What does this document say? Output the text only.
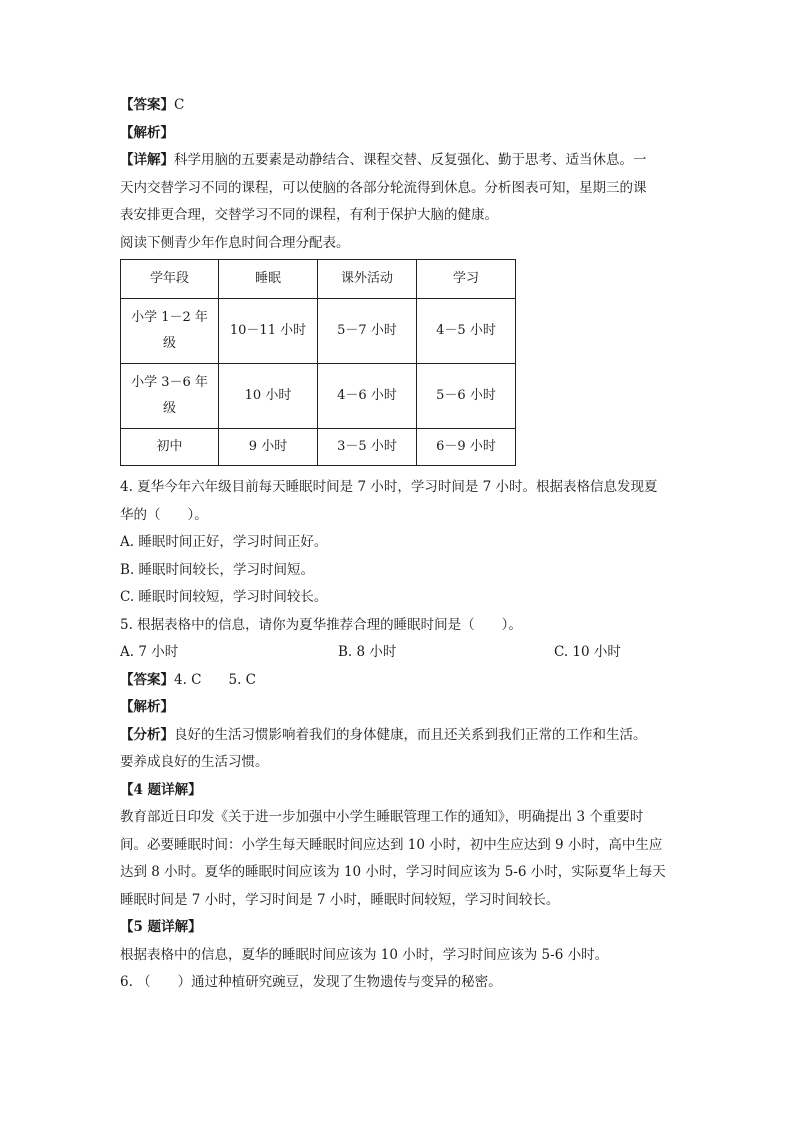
【答案】C
【解析】
【详解】科学用脑的五要素是动静结合、课程交替、反复强化、勤于思考、适当休息。一
天内交替学习不同的课程，可以使脑的各部分轮流得到休息。分析图表可知，星期三的课
表安排更合理，交替学习不同的课程，有利于保护大脑的健康。
阅读下侧青少年作息时间合理分配表。
学年段	睡眠	课外活动	学习
小学 1－2 年级	10－11 小时	5－7 小时	4－5 小时
小学 3－6 年级	10 小时	4－6 小时	5－6 小时
初中	9 小时	3－5 小时	6－9 小时
4. 夏华今年六年级目前每天睡眠时间是 7 小时，学习时间是 7 小时。根据表格信息发现夏
华的（　　）。
A. 睡眠时间正好，学习时间正好。
B. 睡眠时间较长，学习时间短。
C. 睡眠时间较短，学习时间较长。
5. 根据表格中的信息，请你为夏华推荐合理的睡眠时间是（　　）。
A. 7 小时	B. 8 小时	C. 10 小时
【答案】4. C　　5. C
【解析】
【分析】良好的生活习惯影响着我们的身体健康，而且还关系到我们正常的工作和生活。
要养成良好的生活习惯。
【4 题详解】
教育部近日印发《关于进一步加强中小学生睡眠管理工作的通知》，明确提出 3 个重要时
间。必要睡眠时间：小学生每天睡眠时间应达到 10 小时，初中生应达到 9 小时，高中生应
达到 8 小时。夏华的睡眠时间应该为 10 小时，学习时间应该为 5-6 小时，实际夏华上每天
睡眠时间是 7 小时，学习时间是 7 小时，睡眠时间较短，学习时间较长。
【5 题详解】
根据表格中的信息，夏华的睡眠时间应该为 10 小时，学习时间应该为 5-6 小时。
6. （　　）通过种植研究豌豆，发现了生物遗传与变异的秘密。
